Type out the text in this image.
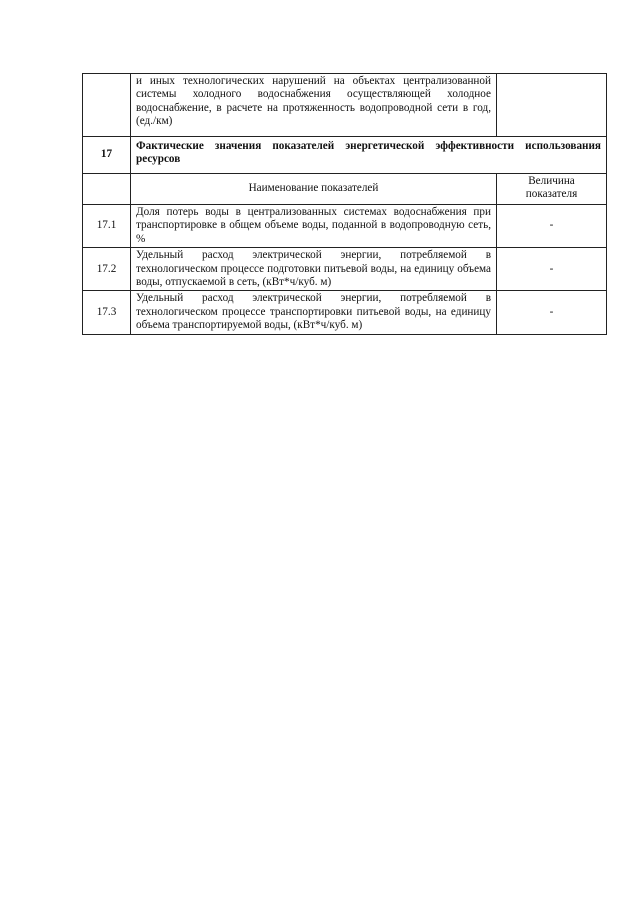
	и иных технологических нарушений на объектах централизованной системы холодного водоснабжения осуществляющей холодное водоснабжение, в расчете на протяженность водопроводной сети в год, (ед./км)	
17	Фактические значения показателей энергетической эффективности использования ресурсов	
	Наименование показателей	Величина показателя
17.1	Доля потерь воды в централизованных системах водоснабжения при транспортировке в общем объеме воды, поданной в водопроводную сеть, %	-
17.2	Удельный расход электрической энергии, потребляемой в технологическом процессе подготовки питьевой воды, на единицу объема воды, отпускаемой в сеть, (кВт*ч/куб. м)	-
17.3	Удельный расход электрической энергии, потребляемой в технологическом процессе транспортировки питьевой воды, на единицу объема транспортируемой воды, (кВт*ч/куб. м)	-
